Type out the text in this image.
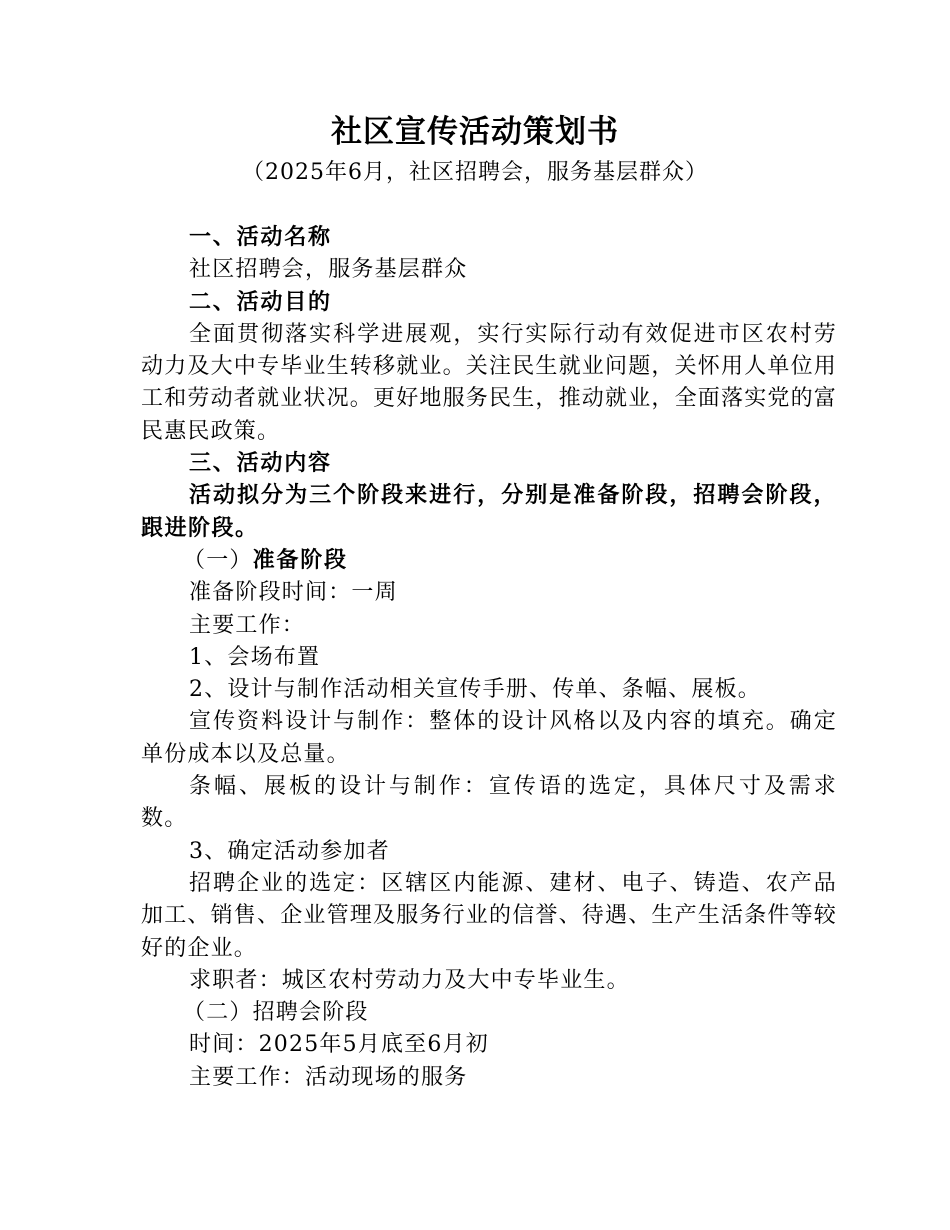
社区宣传活动策划书
（2025年6月，社区招聘会，服务基层群众）

一、活动名称

社区招聘会，服务基层群众

二、活动目的

全面贯彻落实科学进展观，实行实际行动有效促进市区农村劳动力及大中专毕业生转移就业。关注民生就业问题，关怀用人单位用工和劳动者就业状况。更好地服务民生，推动就业，全面落实党的富民惠民政策。

三、活动内容

活动拟分为三个阶段来进行，分别是准备阶段，招聘会阶段，跟进阶段。

（一）准备阶段

准备阶段时间：一周

主要工作：

1、会场布置

2、设计与制作活动相关宣传手册、传单、条幅、展板。

宣传资料设计与制作：整体的设计风格以及内容的填充。确定单份成本以及总量。

条幅、展板的设计与制作：宣传语的选定，具体尺寸及需求数。

3、确定活动参加者

招聘企业的选定：区辖区内能源、建材、电子、铸造、农产品加工、销售、企业管理及服务行业的信誉、待遇、生产生活条件等较好的企业。

求职者：城区农村劳动力及大中专毕业生。

（二）招聘会阶段

时间：2025年5月底至6月初

主要工作：活动现场的服务
